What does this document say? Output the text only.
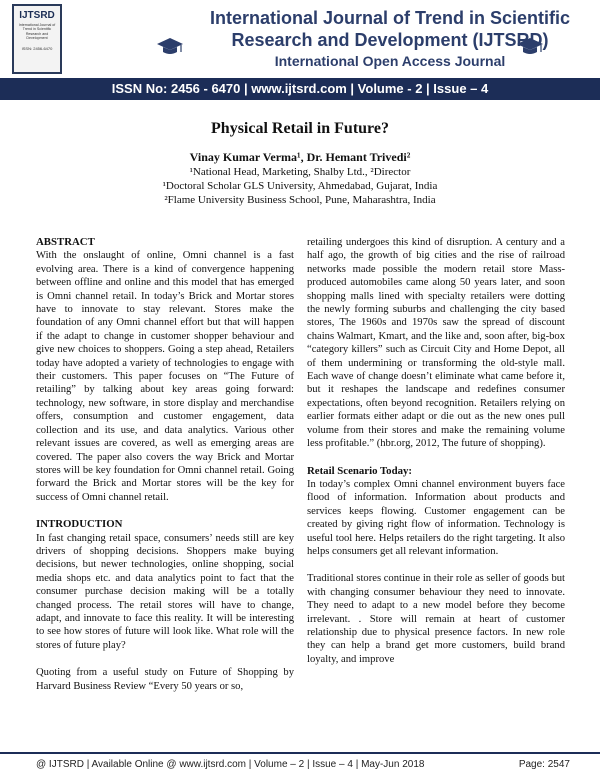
IJTSRD
International Journal of Trend in Scientific Research and Development
ISSN: 2456-6470
International Journal of Trend in Scientific
Research and Development (IJTSRD)
International Open Access Journal
ISSN No: 2456 - 6470 | www.ijtsrd.com | Volume - 2 | Issue – 4
Physical Retail in Future?
Vinay Kumar Verma¹, Dr. Hemant Trivedi²
¹National Head, Marketing, Shalby Ltd., ²Director
¹Doctoral Scholar GLS University, Ahmedabad, Gujarat, India
²Flame University Business School, Pune, Maharashtra, India
ABSTRACT

With the onslaught of online, Omni channel is a fast evolving area. There is a kind of convergence happening between offline and online and this model that has emerged is Omni channel retail. In today’s Brick and Mortar stores have to innovate to stay relevant. Stores make the foundation of any Omni channel effort but that will happen if the adapt to change in customer shopper behaviour and give new choices to shoppers. Going a step ahead, Retailers today have adopted a variety of technologies to engage with their customers. This paper focuses on “The Future of retailing” by talking about key areas going forward: technology, new software, in store display and merchandise offers, consumption and customer engagement, data collection and its use, and data analytics. Various other relevant issues are covered, as well as emerging areas are covered. The paper also covers the way Brick and Mortar stores will be key foundation for Omni channel retail. Going forward the Brick and Mortar stores will be the key for success of Omni channel retail.

INTRODUCTION

In fast changing retail space, consumers’ needs still are key drivers of shopping decisions. Shoppers make buying decisions, but newer technologies, online shopping, social media shops etc. and data analytics point to fact that the consumer purchase decision making will be a totally changed process. The retail stores will have to change, adapt, and innovate to face this reality. It will be interesting to see how stores of future will look like. What role will the stores of future play?

Quoting from a useful study on Future of Shopping by Harvard Business Review “Every 50 years or so,

retailing undergoes this kind of disruption. A century and a half ago, the growth of big cities and the rise of railroad networks made possible the modern retail store Mass-produced automobiles came along 50 years later, and soon shopping malls lined with specialty retailers were dotting the newly forming suburbs and challenging the city based stores, The 1960s and 1970s saw the spread of discount chains Walmart, Kmart, and the like and, soon after, big-box “category killers” such as Circuit City and Home Depot, all of them undermining or transforming the old-style mall. Each wave of change doesn’t eliminate what came before it, but it reshapes the landscape and redefines consumer expectations, often beyond recognition. Retailers relying on earlier formats either adapt or die out as the new ones pull volume from their stores and make the remaining volume less profitable.” (hbr.org, 2012, The future of shopping).

Retail Scenario Today:

In today’s complex Omni channel environment buyers face flood of information. Information about products and services keeps flowing. Customer engagement can be created by giving right flow of information. Technology is useful tool here. Helps retailers do the right targeting. It also helps consumers get all relevant information.

Traditional stores continue in their role as seller of goods but with changing consumer behaviour they need to innovate. They need to adapt to a new model before they become irrelevant. . Store will remain at heart of customer relationship due to physical presence factors. In new role they can help a brand get more customers, build brand loyalty, and improve

@ IJTSRD | Available Online @ www.ijtsrd.com | Volume – 2 | Issue – 4 | May-Jun 2018	Page: 2547
